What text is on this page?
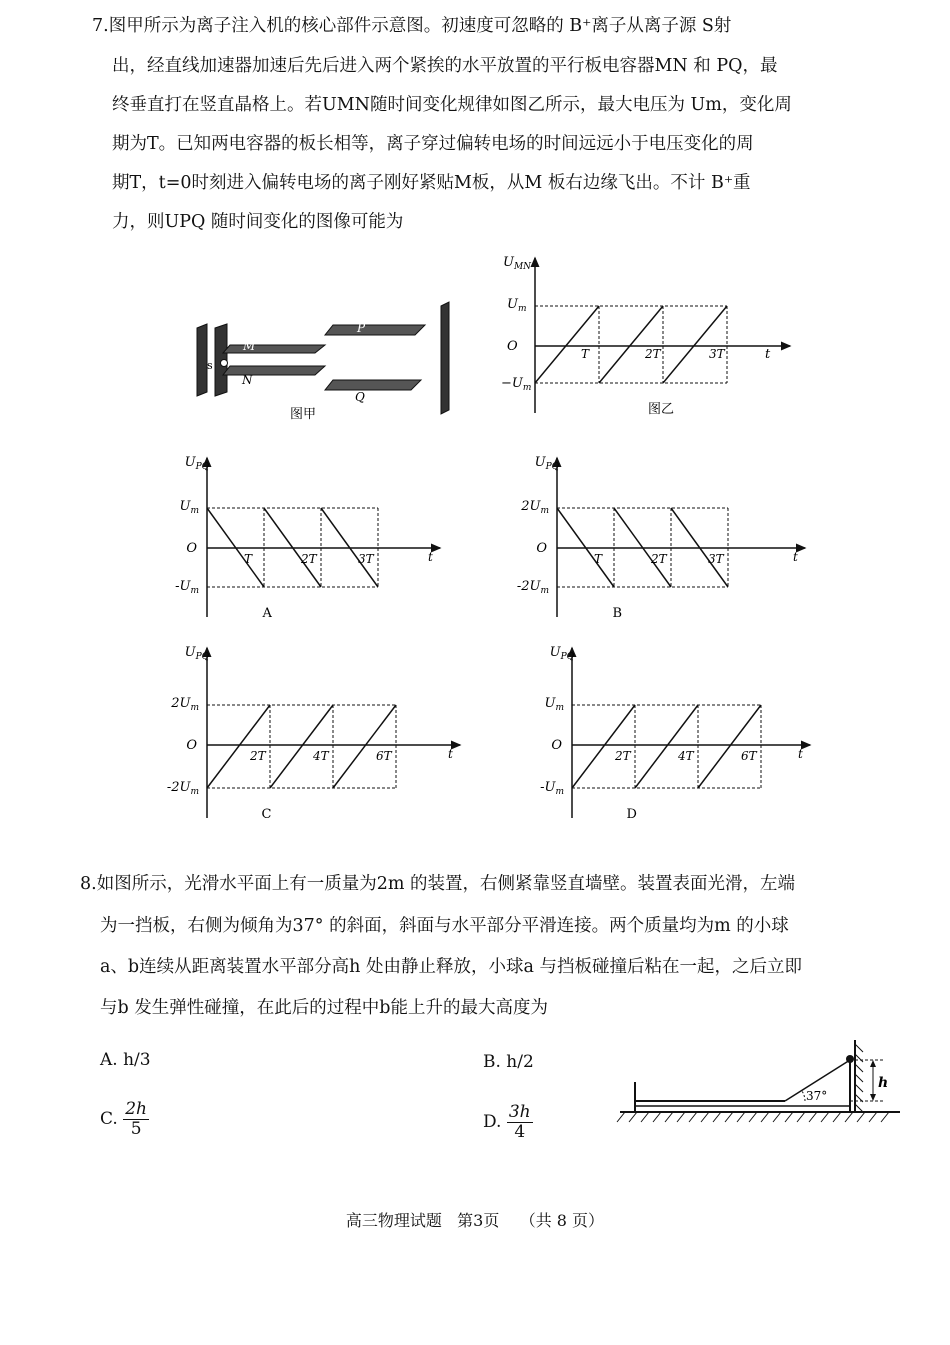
7.图甲所示为离子注入机的核心部件示意图。初速度可忽略的 B⁺离子从离子源 S射
出，经直线加速器加速后先后进入两个紧挨的水平放置的平行板电容器MN 和 PQ，最
终垂直打在竖直晶格上。若UMN随时间变化规律如图乙所示，最大电压为 Um，变化周
期为T。已知两电容器的板长相等，离子穿过偏转电场的时间远远小于电压变化的周
期T，t=0时刻进入偏转电场的离子刚好紧贴M板，从M 板右边缘飞出。不计 B⁺重
力，则UPQ 随时间变化的图像可能为
s
M
N
P
Q
图甲
$U_{MN}$
$U_m$
O
$-U_m$
t
T	2T	3T
图乙
$U_{PQ}$
$U_m$
$-U_m$
O
t
T	2T	3T
A
$U_{PQ}$
$2U_m$
$-2U_m$
O
t
T	2T	3T
B
$U_{PQ}$
$2U_m$
$-2U_m$
O
t
2T	4T	6T
C
$U_{PQ}$
$U_m$
$-U_m$
O
t
2T	4T	6T
D
8.如图所示，光滑水平面上有一质量为2m 的装置，右侧紧靠竖直墙壁。装置表面光滑，左端
为一挡板，右侧为倾角为37° 的斜面，斜面与水平部分平滑连接。两个质量均为m 的小球
a、b连续从距离装置水平部分高h 处由静止释放，小球a 与挡板碰撞后粘在一起，之后立即
与b 发生弹性碰撞，在此后的过程中b能上升的最大高度为
A. h/3	B. h/2
C. $\frac{2h}{5}$	D. $\frac{3h}{4}$
37°
h
高三物理试题   第3页    （共 8 页）
